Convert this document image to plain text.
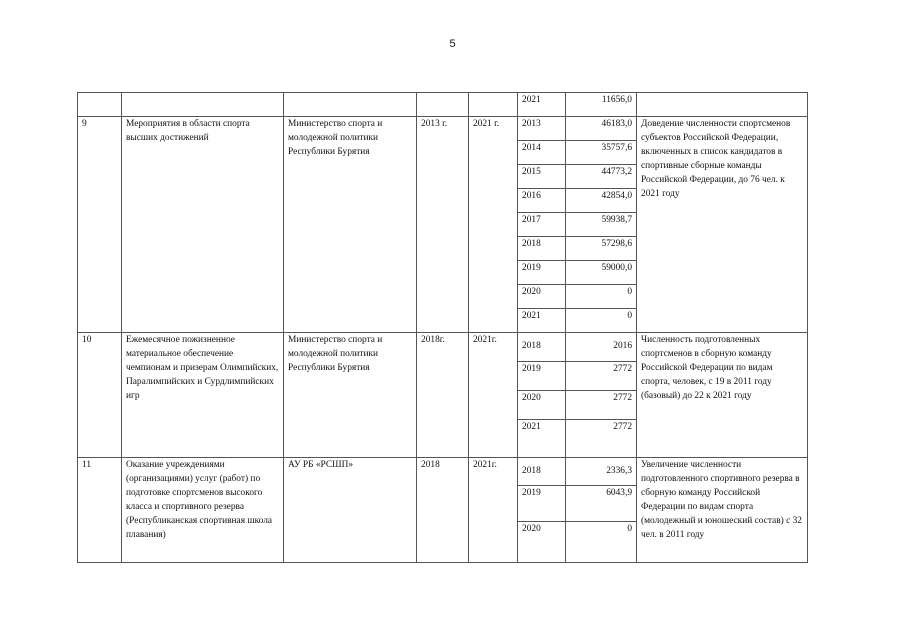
5
					2021	11656,0	
9	Мероприятия в области спорта высших достижений	Министерство спорта и молодежной политики Республики Бурятия	2013 г.	2021 г.	2013	46183,0	Доведение численности спортсменов субъектов Российской Федерации, включенных в список кандидатов в спортивные сборные команды Российской Федерации, до 76 чел. к 2021 году
					2014	35757,6	
					2015	44773,2	
					2016	42854,0	
					2017	59938,7	
					2018	57298,6	
					2019	59000,0	
					2020	0	
					2021	0	
10	Ежемесячное пожизненное материальное обеспечение чемпионам и призерам Олимпийских, Паралимпийских и Сурдлимпийских игр	Министерство спорта и молодежной политики Республики Бурятия	2018г.	2021г.	2018	2016	Численность подготовленных спортсменов в сборную команду Российской Федерации по видам спорта, человек, с 19 в 2011 году (базовый) до 22 к 2021 году
					2019	2772	
					2020	2772	
					2021	2772	
11	Оказание учреждениями (организациями) услуг (работ) по подготовке спортсменов высокого класса и спортивного резерва (Республиканская спортивная школа плавания)	АУ РБ «РСШП»	2018	2021г.	2018	2336,3	Увеличение численности подготовленного спортивного резерва в сборную команду Российской Федерации по видам спорта (молодежный и юношеский состав) с 32 чел. в 2011 году
					2019	6043,9	
					2020	0	
